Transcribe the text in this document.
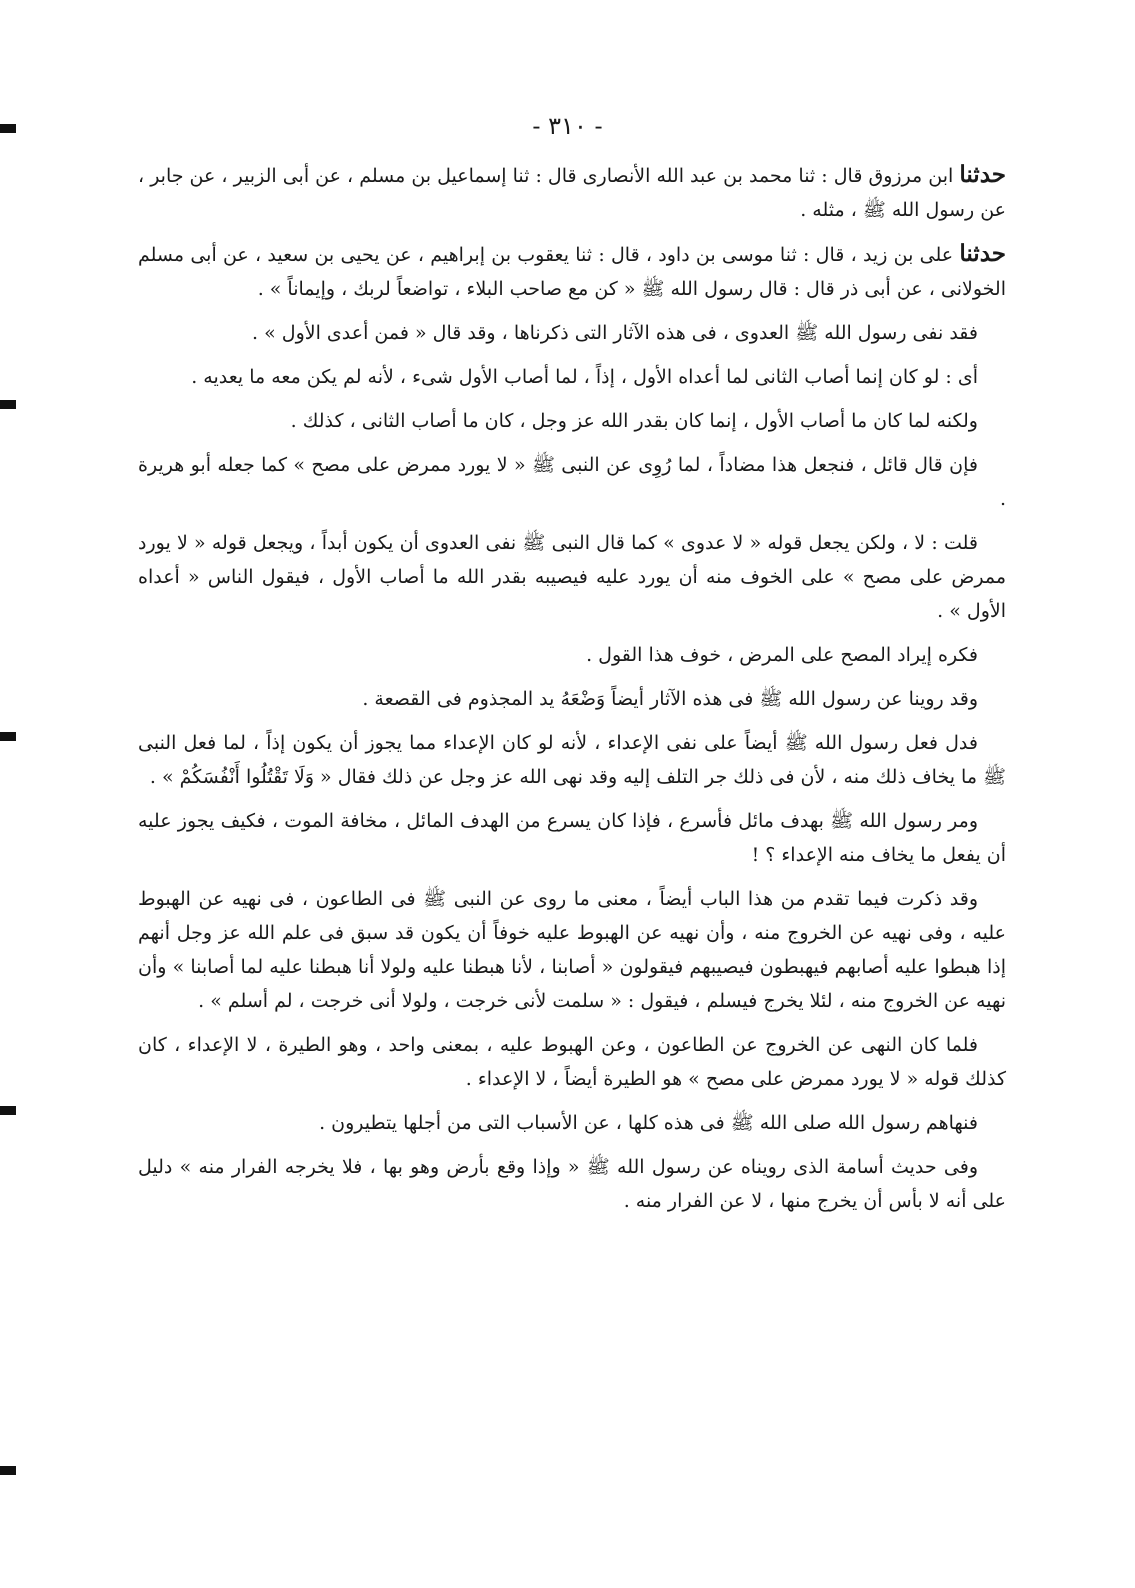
- ٣١٠ -

حدثنا ابن مرزوق قال : ثنا محمد بن عبد الله الأنصارى قال : ثنا إسماعيل بن مسلم ، عن أبى الزبير ، عن جابر ، عن رسول الله ﷺ ، مثله .

حدثنا على بن زيد ، قال : ثنا موسى بن داود ، قال : ثنا يعقوب بن إبراهيم ، عن يحيى بن سعيد ، عن أبى مسلم الخولانى ، عن أبى ذر قال : قال رسول الله ﷺ « كن مع صاحب البلاء ، تواضعاً لربك ، وإيماناً » .

فقد نفى رسول الله ﷺ العدوى ، فى هذه الآثار التى ذكرناها ، وقد قال « فمن أعدى الأول » .

أى : لو كان إنما أصاب الثانى لما أعداه الأول ، إذاً ، لما أصاب الأول شىء ، لأنه لم يكن معه ما يعديه .

ولكنه لما كان ما أصاب الأول ، إنما كان بقدر الله عز وجل ، كان ما أصاب الثانى ، كذلك .

فإن قال قائل ، فنجعل هذا مضاداً ، لما رُوِى عن النبى ﷺ « لا يورد ممرض على مصح » كما جعله أبو هريرة .

قلت : لا ، ولكن يجعل قوله « لا عدوى » كما قال النبى ﷺ نفى العدوى أن يكون أبداً ، ويجعل قوله « لا يورد ممرض على مصح » على الخوف منه أن يورد عليه فيصيبه بقدر الله ما أصاب الأول ، فيقول الناس « أعداه الأول » .

فكره إيراد المصح على المرض ، خوف هذا القول .

وقد روينا عن رسول الله ﷺ فى هذه الآثار أيضاً وَضْعَهُ يد المجذوم فى القصعة .

فدل فعل رسول الله ﷺ أيضاً على نفى الإعداء ، لأنه لو كان الإعداء مما يجوز أن يكون إذاً ، لما فعل النبى ﷺ ما يخاف ذلك منه ، لأن فى ذلك جر التلف إليه وقد نهى الله عز وجل عن ذلك فقال « وَلَا تَقْتُلُوا أَنْفُسَكُمْ » .

ومر رسول الله ﷺ بهدف مائل فأسرع ، فإذا كان يسرع من الهدف المائل ، مخافة الموت ، فكيف يجوز عليه أن يفعل ما يخاف منه الإعداء ؟ !

وقد ذكرت فيما تقدم من هذا الباب أيضاً ، معنى ما روى عن النبى ﷺ فى الطاعون ، فى نهيه عن الهبوط عليه ، وفى نهيه عن الخروج منه ، وأن نهيه عن الهبوط عليه خوفاً أن يكون قد سبق فى علم الله عز وجل أنهم إذا هبطوا عليه أصابهم فيهبطون فيصيبهم فيقولون « أصابنا ، لأنا هبطنا عليه ولولا أنا هبطنا عليه لما أصابنا » وأن نهيه عن الخروج منه ، لئلا يخرج فيسلم ، فيقول : « سلمت لأنى خرجت ، ولولا أنى خرجت ، لم أسلم » .

فلما كان النهى عن الخروج عن الطاعون ، وعن الهبوط عليه ، بمعنى واحد ، وهو الطيرة ، لا الإعداء ، كان كذلك قوله « لا يورد ممرض على مصح » هو الطيرة أيضاً ، لا الإعداء .

فنهاهم رسول الله صلى الله ﷺ فى هذه كلها ، عن الأسباب التى من أجلها يتطيرون .

وفى حديث أسامة الذى رويناه عن رسول الله ﷺ « وإذا وقع بأرض وهو بها ، فلا يخرجه الفرار منه » دليل على أنه لا بأس أن يخرج منها ، لا عن الفرار منه .
